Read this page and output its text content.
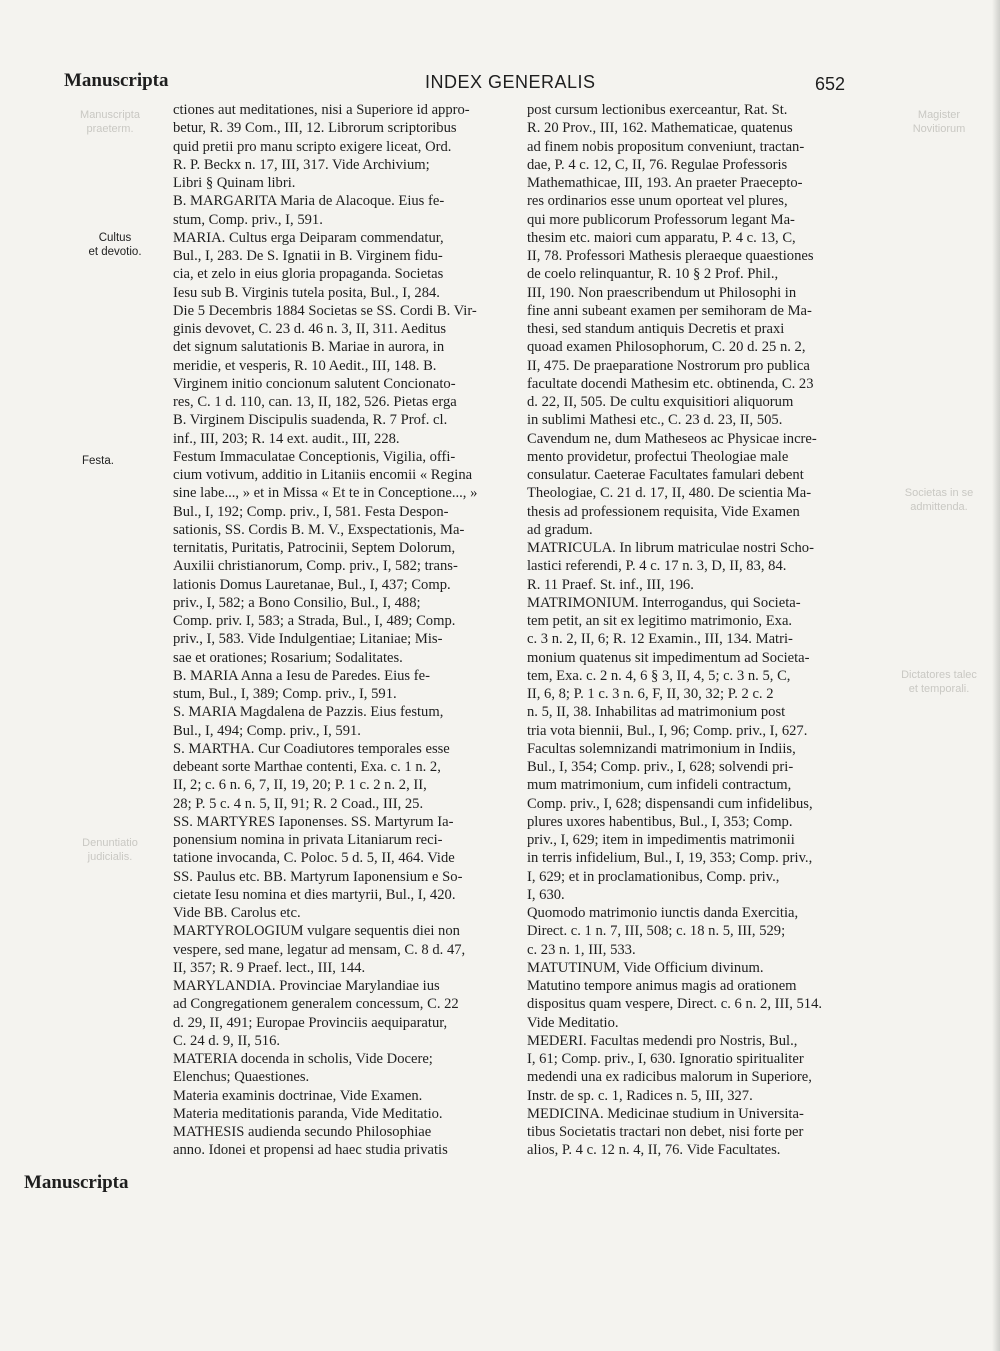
Manuscripta
praeterm.
Magister
Novitiorum
Societas in se
admittenda.
Dictatores talec
et temporali.
Denuntiatio
judicialis.
Manuscripta	INDEX GENERALIS	652
Cultus
et devotio.
Festa.
ctiones aut meditationes, nisi a Superiore id appro-
betur, R. 39 Com., III, 12. Librorum scriptoribus
quid pretii pro manu scripto exigere liceat, Ord.
R. P. Beckx n. 17, III, 317. Vide Archivium;
Libri § Quinam libri.
B. MARGARITA Maria de Alacoque. Eius fe-
stum, Comp. priv., I, 591.
MARIA. Cultus erga Deiparam commendatur,
Bul., I, 283. De S. Ignatii in B. Virginem fidu-
cia, et zelo in eius gloria propaganda. Societas
Iesu sub B. Virginis tutela posita, Bul., I, 284.
Die 5 Decembris 1884 Societas se SS. Cordi B. Vir-
ginis devovet, C. 23 d. 46 n. 3, II, 311. Aeditus
det signum salutationis B. Mariae in aurora, in
meridie, et vesperis, R. 10 Aedit., III, 148. B.
Virginem initio concionum salutent Concionato-
res, C. 1 d. 110, can. 13, II, 182, 526. Pietas erga
B. Virginem Discipulis suadenda, R. 7 Prof. cl.
inf., III, 203; R. 14 ext. audit., III, 228.
Festum Immaculatae Conceptionis, Vigilia, offi-
cium votivum, additio in Litaniis encomii « Regina
sine labe..., » et in Missa « Et te in Conceptione..., »
Bul., I, 192; Comp. priv., I, 581. Festa Despon-
sationis, SS. Cordis B. M. V., Exspectationis, Ma-
ternitatis, Puritatis, Patrocinii, Septem Dolorum,
Auxilii christianorum, Comp. priv., I, 582; trans-
lationis Domus Lauretanae, Bul., I, 437; Comp.
priv., I, 582; a Bono Consilio, Bul., I, 488;
Comp. priv. I, 583; a Strada, Bul., I, 489; Comp.
priv., I, 583. Vide Indulgentiae; Litaniae; Mis-
sae et orationes; Rosarium; Sodalitates.
B. MARIA Anna a Iesu de Paredes. Eius fe-
stum, Bul., I, 389; Comp. priv., I, 591.
S. MARIA Magdalena de Pazzis. Eius festum,
Bul., I, 494; Comp. priv., I, 591.
S. MARTHA. Cur Coadiutores temporales esse
debeant sorte Marthae contenti, Exa. c. 1 n. 2,
II, 2; c. 6 n. 6, 7, II, 19, 20; P. 1 c. 2 n. 2, II,
28; P. 5 c. 4 n. 5, II, 91; R. 2 Coad., III, 25.
SS. MARTYRES Iaponenses. SS. Martyrum Ia-
ponensium nomina in privata Litaniarum reci-
tatione invocanda, C. Poloc. 5 d. 5, II, 464. Vide
SS. Paulus etc. BB. Martyrum Iaponensium e So-
cietate Iesu nomina et dies martyrii, Bul., I, 420.
Vide BB. Carolus etc.
MARTYROLOGIUM vulgare sequentis diei non
vespere, sed mane, legatur ad mensam, C. 8 d. 47,
II, 357; R. 9 Praef. lect., III, 144.
MARYLANDIA. Provinciae Marylandiae ius
ad Congregationem generalem concessum, C. 22
d. 29, II, 491; Europae Provinciis aequiparatur,
C. 24 d. 9, II, 516.
MATERIA docenda in scholis, Vide Docere;
Elenchus; Quaestiones.
Materia examinis doctrinae, Vide Examen.
Materia meditationis paranda, Vide Meditatio.
MATHESIS audienda secundo Philosophiae
anno. Idonei et propensi ad haec studia privatis
post cursum lectionibus exerceantur, Rat. St.
R. 20 Prov., III, 162. Mathematicae, quatenus
ad finem nobis propositum conveniunt, tractan-
dae, P. 4 c. 12, C, II, 76. Regulae Professoris
Mathemathicae, III, 193. An praeter Praecepto-
res ordinarios esse unum oporteat vel plures,
qui more publicorum Professorum legant Ma-
thesim etc. maiori cum apparatu, P. 4 c. 13, C,
II, 78. Professori Mathesis pleraeque quaestiones
de coelo relinquantur, R. 10 § 2 Prof. Phil.,
III, 190. Non praescribendum ut Philosophi in
fine anni subeant examen per semihoram de Ma-
thesi, sed standum antiquis Decretis et praxi
quoad examen Philosophorum, C. 20 d. 25 n. 2,
II, 475. De praeparatione Nostrorum pro publica
facultate docendi Mathesim etc. obtinenda, C. 23
d. 22, II, 505. De cultu exquisitiori aliquorum
in sublimi Mathesi etc., C. 23 d. 23, II, 505.
Cavendum ne, dum Matheseos ac Physicae incre-
mento providetur, profectui Theologiae male
consulatur. Caeterae Facultates famulari debent
Theologiae, C. 21 d. 17, II, 480. De scientia Ma-
thesis ad professionem requisita, Vide Examen
ad gradum.
MATRICULA. In librum matriculae nostri Scho-
lastici referendi, P. 4 c. 17 n. 3, D, II, 83, 84.
R. 11 Praef. St. inf., III, 196.
MATRIMONIUM. Interrogandus, qui Societa-
tem petit, an sit ex legitimo matrimonio, Exa.
c. 3 n. 2, II, 6; R. 12 Examin., III, 134. Matri-
monium quatenus sit impedimentum ad Societa-
tem, Exa. c. 2 n. 4, 6 § 3, II, 4, 5; c. 3 n. 5, C,
II, 6, 8; P. 1 c. 3 n. 6, F, II, 30, 32; P. 2 c. 2
n. 5, II, 38. Inhabilitas ad matrimonium post
tria vota biennii, Bul., I, 96; Comp. priv., I, 627.
Facultas solemnizandi matrimonium in Indiis,
Bul., I, 354; Comp. priv., I, 628; solvendi pri-
mum matrimonium, cum infideli contractum,
Comp. priv., I, 628; dispensandi cum infidelibus,
plures uxores habentibus, Bul., I, 353; Comp.
priv., I, 629; item in impedimentis matrimonii
in terris infidelium, Bul., I, 19, 353; Comp. priv.,
I, 629; et in proclamationibus, Comp. priv.,
I, 630.
Quomodo matrimonio iunctis danda Exercitia,
Direct. c. 1 n. 7, III, 508; c. 18 n. 5, III, 529;
c. 23 n. 1, III, 533.
MATUTINUM, Vide Officium divinum.
Matutino tempore animus magis ad orationem
dispositus quam vespere, Direct. c. 6 n. 2, III, 514.
Vide Meditatio.
MEDERI. Facultas medendi pro Nostris, Bul.,
I, 61; Comp. priv., I, 630. Ignoratio spiritualiter
medendi una ex radicibus malorum in Superiore,
Instr. de sp. c. 1, Radices n. 5, III, 327.
MEDICINA. Medicinae studium in Universita-
tibus Societatis tractari non debet, nisi forte per
alios, P. 4 c. 12 n. 4, II, 76. Vide Facultates.
Manuscripta
